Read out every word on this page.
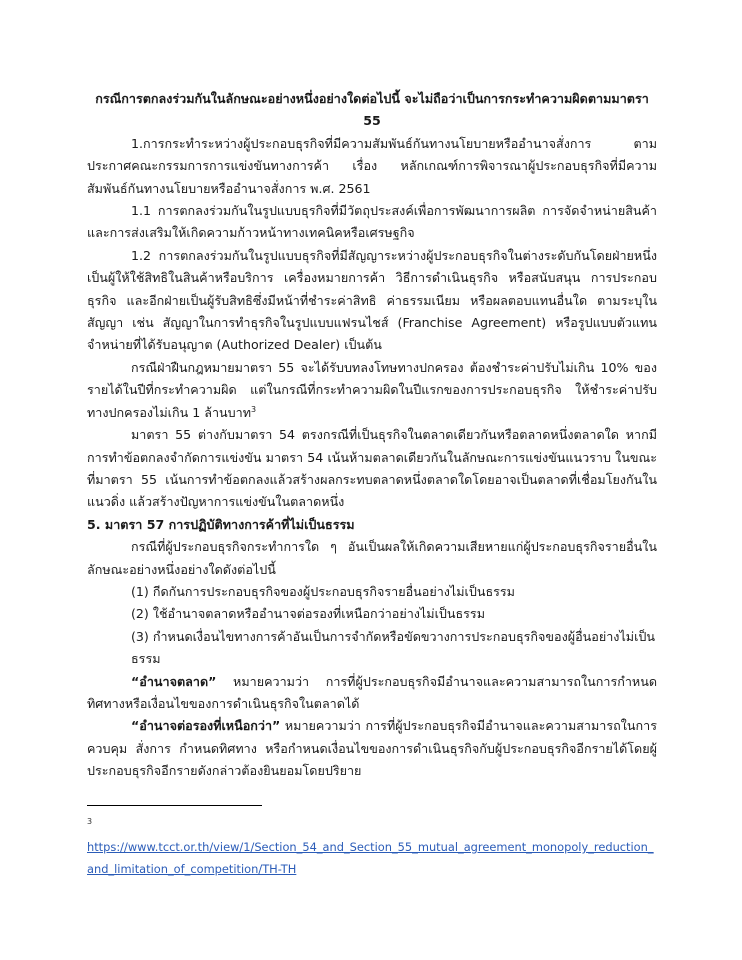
กรณีการตกลงร่วมกันในลักษณะอย่างหนึ่งอย่างใดต่อไปนี้ จะไม่ถือว่าเป็นการกระทำความผิดตามมาตรา 55

1.การกระทำระหว่างผู้ประกอบธุรกิจที่มีความสัมพันธ์กันทางนโยบายหรืออำนาจสั่งการ ตามประกาศคณะกรรมการการแข่งขันทางการค้า เรื่อง หลักเกณฑ์การพิจารณาผู้ประกอบธุรกิจที่มีความสัมพันธ์กันทางนโยบายหรืออำนาจสั่งการ พ.ศ. 2561

1.1 การตกลงร่วมกันในรูปแบบธุรกิจที่มีวัตถุประสงค์เพื่อการพัฒนาการผลิต การจัดจำหน่ายสินค้าและการส่งเสริมให้เกิดความก้าวหน้าทางเทคนิคหรือเศรษฐกิจ

1.2 การตกลงร่วมกันในรูปแบบธุรกิจที่มีสัญญาระหว่างผู้ประกอบธุรกิจในต่างระดับกันโดยฝ่ายหนึ่งเป็นผู้ให้ใช้สิทธิในสินค้าหรือบริการ เครื่องหมายการค้า วิธีการดำเนินธุรกิจ หรือสนับสนุน การประกอบธุรกิจ และอีกฝ่ายเป็นผู้รับสิทธิซึ่งมีหน้าที่ชำระค่าสิทธิ ค่าธรรมเนียม หรือผลตอบแทนอื่นใด ตามระบุในสัญญา เช่น สัญญาในการทำธุรกิจในรูปแบบแฟรนไชส์ (Franchise Agreement) หรือรูปแบบตัวแทนจำหน่ายที่ได้รับอนุญาต (Authorized Dealer) เป็นต้น

กรณีฝ่าฝืนกฎหมายมาตรา 55 จะได้รับบทลงโทษทางปกครอง ต้องชำระค่าปรับไม่เกิน 10% ของรายได้ในปีที่กระทำความผิด แต่ในกรณีที่กระทำความผิดในปีแรกของการประกอบธุรกิจ ให้ชำระค่าปรับทางปกครองไม่เกิน 1 ล้านบาท$^3$

มาตรา 55 ต่างกับมาตรา 54 ตรงกรณีที่เป็นธุรกิจในตลาดเดียวกันหรือตลาดหนึ่งตลาดใด หากมีการทำข้อตกลงจำกัดการแข่งขัน มาตรา 54 เน้นห้ามตลาดเดียวกันในลักษณะการแข่งขันแนวราบ ในขณะที่มาตรา 55 เน้นการทำข้อตกลงแล้วสร้างผลกระทบตลาดหนึ่งตลาดใดโดยอาจเป็นตลาดที่เชื่อมโยงกันในแนวดิ่ง แล้วสร้างปัญหาการแข่งขันในตลาดหนึ่ง

5. มาตรา 57 การปฏิบัติทางการค้าที่ไม่เป็นธรรม

กรณีที่ผู้ประกอบธุรกิจกระทำการใด ๆ อันเป็นผลให้เกิดความเสียหายแก่ผู้ประกอบธุรกิจรายอื่นในลักษณะอย่างหนึ่งอย่างใดดังต่อไปนี้

(1) กีดกันการประกอบธุรกิจของผู้ประกอบธุรกิจรายอื่นอย่างไม่เป็นธรรม

(2) ใช้อำนาจตลาดหรืออำนาจต่อรองที่เหนือกว่าอย่างไม่เป็นธรรม

(3) กำหนดเงื่อนไขทางการค้าอันเป็นการจำกัดหรือขัดขวางการประกอบธุรกิจของผู้อื่นอย่างไม่เป็นธรรม

“อำนาจตลาด” หมายความว่า การที่ผู้ประกอบธุรกิจมีอำนาจและความสามารถในการกำหนดทิศทางหรือเงื่อนไขของการดำเนินธุรกิจในตลาดได้

“อำนาจต่อรองที่เหนือกว่า” หมายความว่า การที่ผู้ประกอบธุรกิจมีอำนาจและความสามารถในการควบคุม สั่งการ กำหนดทิศทาง หรือกำหนดเงื่อนไขของการดำเนินธุรกิจกับผู้ประกอบธุรกิจอีกรายได้โดยผู้ประกอบธุรกิจอีกรายดังกล่าวต้องยินยอมโดยปริยาย

3
https://www.tcct.or.th/view/1/Section_54_and_Section_55_mutual_agreement_monopoly_reduction_and_limitation_of_competition/TH-TH
